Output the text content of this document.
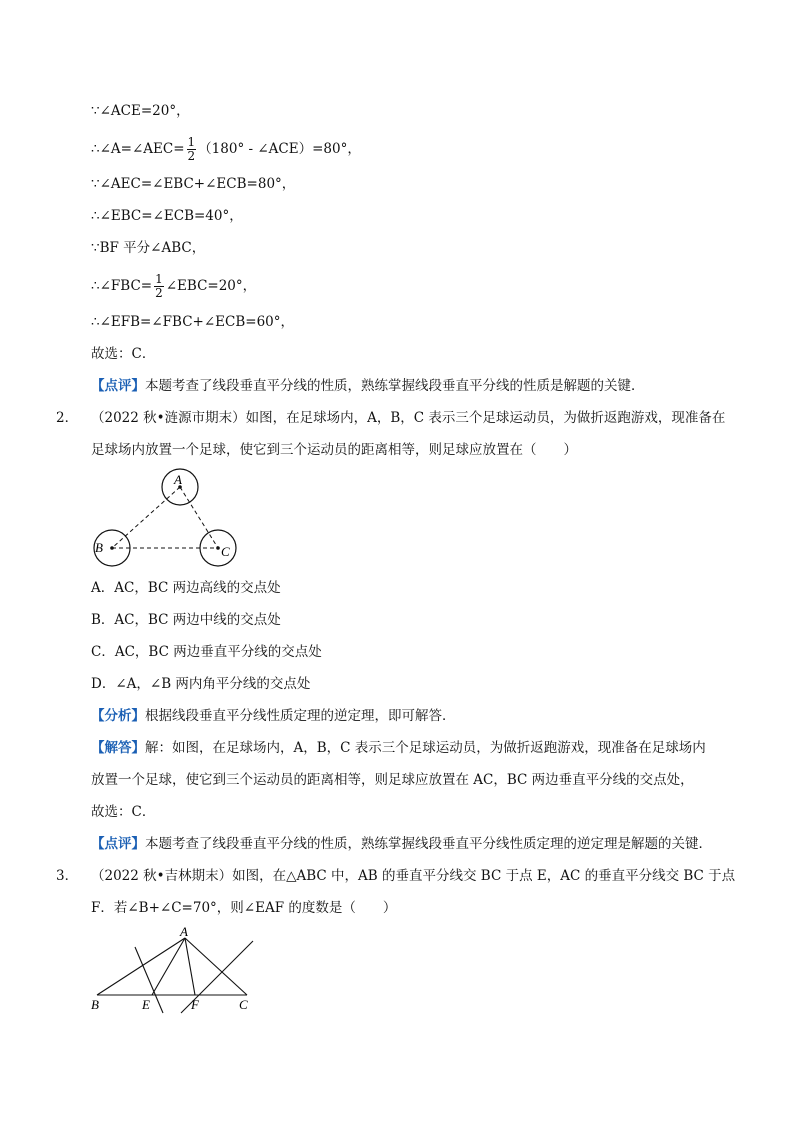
∵∠ACE=20°，
∴∠A=∠AEC= $\frac{1}{2} (180^\circ$ - ∠ACE）=80°，
∵∠AEC=∠EBC+∠ECB=80°，
∴∠EBC=∠ECB=40°，
∵BF 平分∠ABC，
∴∠FBC= $\frac{1}{2}$ ∠EBC=20°，
∴∠EFB=∠FBC+∠ECB=60°，
故选：C．
【点评】本题考查了线段垂直平分线的性质，熟练掌握线段垂直平分线的性质是解题的关键．
2． （2022 秋•涟源市期末）如图，在足球场内，A，B，C 表示三个足球运动员，为做折返跑游戏，现准备在
足球场内放置一个足球，使它到三个运动员的距离相等，则足球应放置在（　　）
A
B	C
A．AC，BC 两边高线的交点处
B．AC，BC 两边中线的交点处
C．AC，BC 两边垂直平分线的交点处
D．∠A，∠B 两内角平分线的交点处
【分析】根据线段垂直平分线性质定理的逆定理，即可解答．
【解答】解：如图，在足球场内，A，B，C 表示三个足球运动员，为做折返跑游戏，现准备在足球场内
放置一个足球，使它到三个运动员的距离相等，则足球应放置在 AC，BC 两边垂直平分线的交点处，
故选：C．
【点评】本题考查了线段垂直平分线的性质，熟练掌握线段垂直平分线性质定理的逆定理是解题的关键．
3． （2022 秋•吉林期末）如图，在△ABC 中，AB 的垂直平分线交 BC 于点 E，AC 的垂直平分线交 BC 于点
F．若∠B+∠C=70°，则∠EAF 的度数是（　　）
A
B	E	F	C
